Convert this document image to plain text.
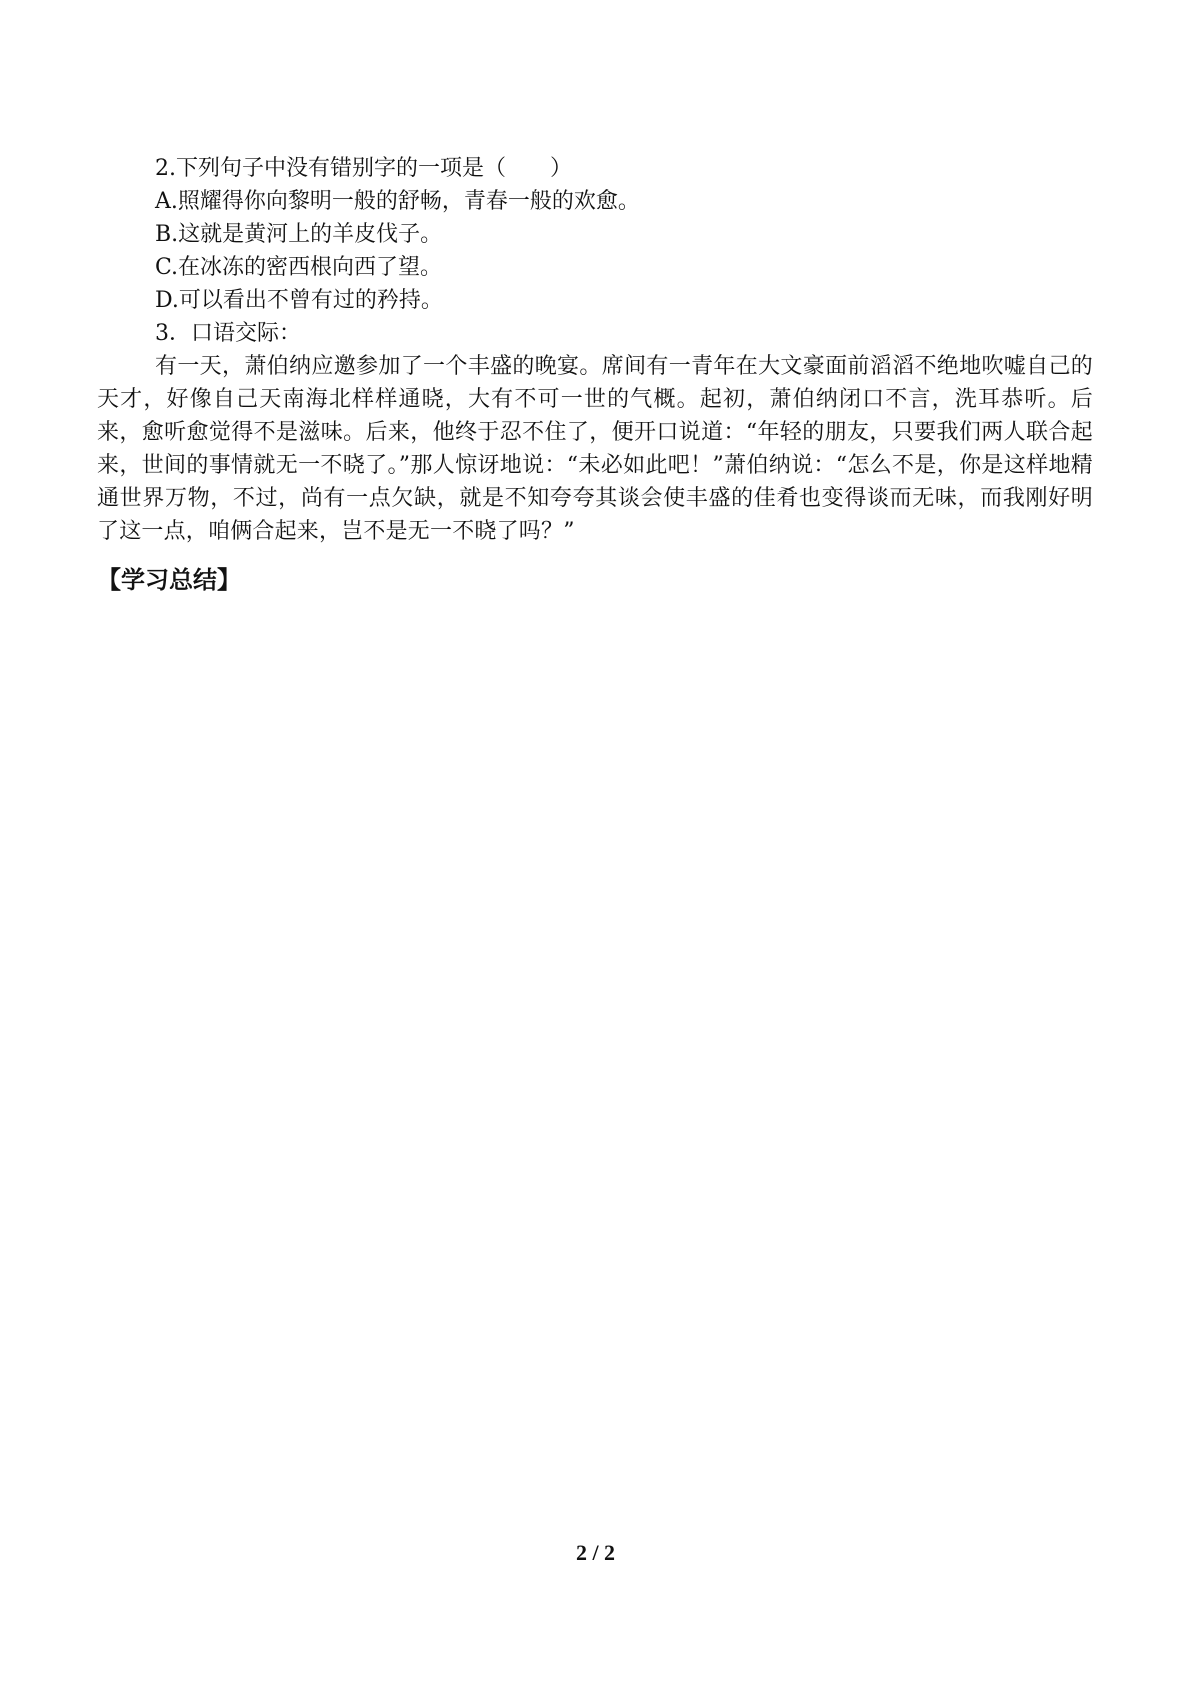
2.下列句子中没有错别字的一项是（　　）
A.照耀得你向黎明一般的舒畅，青春一般的欢愈。
B.这就是黄河上的羊皮伐子。
C.在冰冻的密西根向西了望。
D.可以看出不曾有过的矜持。
3．口语交际：

有一天，萧伯纳应邀参加了一个丰盛的晚宴。席间有一青年在大文豪面前滔滔不绝地吹嘘自己的天才，好像自己天南海北样样通晓，大有不可一世的气概。起初，萧伯纳闭口不言，洗耳恭听。后来，愈听愈觉得不是滋味。后来，他终于忍不住了，便开口说道：“年轻的朋友，只要我们两人联合起来，世间的事情就无一不晓了。”那人惊讶地说：“未必如此吧！”萧伯纳说：“怎么不是，你是这样地精通世界万物，不过，尚有一点欠缺，就是不知夸夸其谈会使丰盛的佳肴也变得谈而无味，而我刚好明了这一点，咱俩合起来，岂不是无一不晓了吗？”

【学习总结】
2 / 2
